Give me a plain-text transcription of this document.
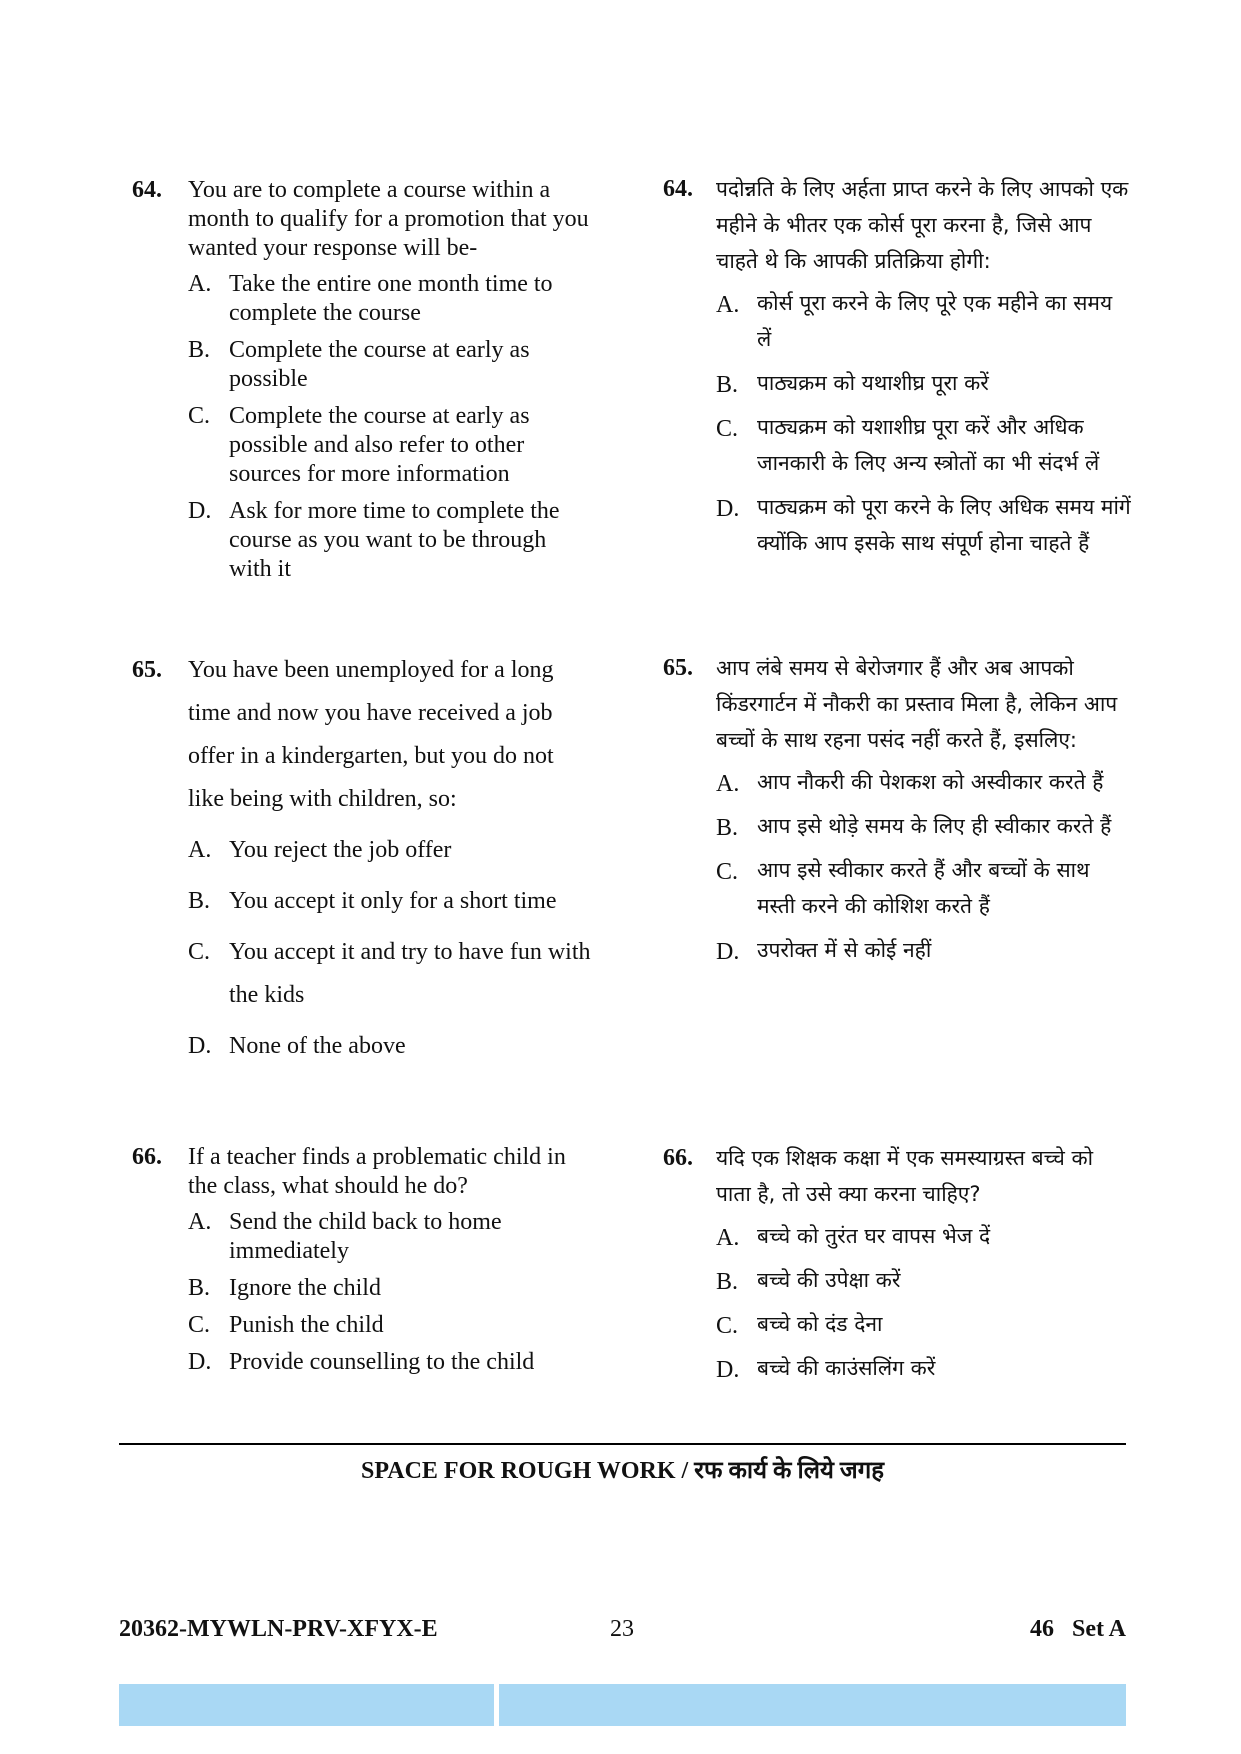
64. You are to complete a course within a month to qualify for a promotion that you wanted your response will be-
A. Take the entire one month time to complete the course
B. Complete the course at early as possible
C. Complete the course at early as possible and also refer to other sources for more information
D. Ask for more time to complete the course as you want to be through with it
64. पदोन्नति के लिए अर्हता प्राप्त करने के लिए आपको एक महीने के भीतर एक कोर्स पूरा करना है, जिसे आप चाहते थे कि आपकी प्रतिक्रिया होगी:
A. कोर्स पूरा करने के लिए पूरे एक महीने का समय लें
B. पाठ्यक्रम को यथाशीघ्र पूरा करें
C. पाठ्यक्रम को यशाशीघ्र पूरा करें और अधिक जानकारी के लिए अन्य स्त्रोतों का भी संदर्भ लें
D. पाठ्यक्रम को पूरा करने के लिए अधिक समय मांगें क्योंकि आप इसके साथ संपूर्ण होना चाहते हैं
65. You have been unemployed for a long time and now you have received a job offer in a kindergarten, but you do not like being with children, so:
A. You reject the job offer
B. You accept it only for a short time
C. You accept it and try to have fun with the kids
D. None of the above
65. आप लंबे समय से बेरोजगार हैं और अब आपको किंडरगार्टन में नौकरी का प्रस्ताव मिला है, लेकिन आप बच्चों के साथ रहना पसंद नहीं करते हैं, इसलिए:
A. आप नौकरी की पेशकश को अस्वीकार करते हैं
B. आप इसे थोड़े समय के लिए ही स्वीकार करते हैं
C. आप इसे स्वीकार करते हैं और बच्चों के साथ मस्ती करने की कोशिश करते हैं
D. उपरोक्त में से कोई नहीं
66. If a teacher finds a problematic child in the class, what should he do?
A. Send the child back to home immediately
B. Ignore the child
C. Punish the child
D. Provide counselling to the child
66. यदि एक शिक्षक कक्षा में एक समस्याग्रस्त बच्चे को पाता है, तो उसे क्या करना चाहिए?
A. बच्चे को तुरंत घर वापस भेज दें
B. बच्चे की उपेक्षा करें
C. बच्चे को दंड देना
D. बच्चे की काउंसलिंग करें
SPACE FOR ROUGH WORK / रफ कार्य के लिये जगह
20362-MYWLN-PRV-XFYX-E	23	46   Set A
